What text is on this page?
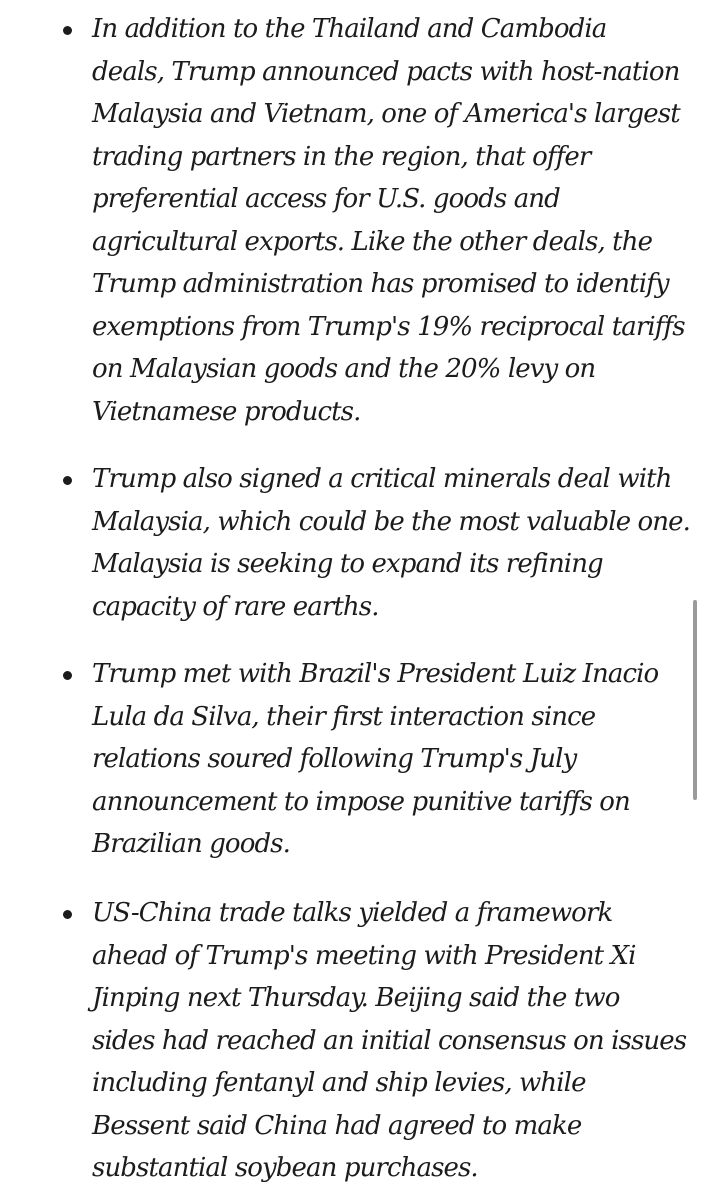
In addition to the Thailand and Cambodia
deals, Trump announced pacts with host-nation
Malaysia and Vietnam, one of America's largest
trading partners in the region, that offer
preferential access for U.S. goods and
agricultural exports. Like the other deals, the
Trump administration has promised to identify
exemptions from Trump's 19% reciprocal tariffs
on Malaysian goods and the 20% levy on
Vietnamese products.

Trump also signed a critical minerals deal with
Malaysia, which could be the most valuable one.
Malaysia is seeking to expand its refining
capacity of rare earths.

Trump met with Brazil's President Luiz Inacio
Lula da Silva, their first interaction since
relations soured following Trump's July
announcement to impose punitive tariffs on
Brazilian goods.

US-China trade talks yielded a framework
ahead of Trump's meeting with President Xi
Jinping next Thursday. Beijing said the two
sides had reached an initial consensus on issues
including fentanyl and ship levies, while
Bessent said China had agreed to make
substantial soybean purchases.
